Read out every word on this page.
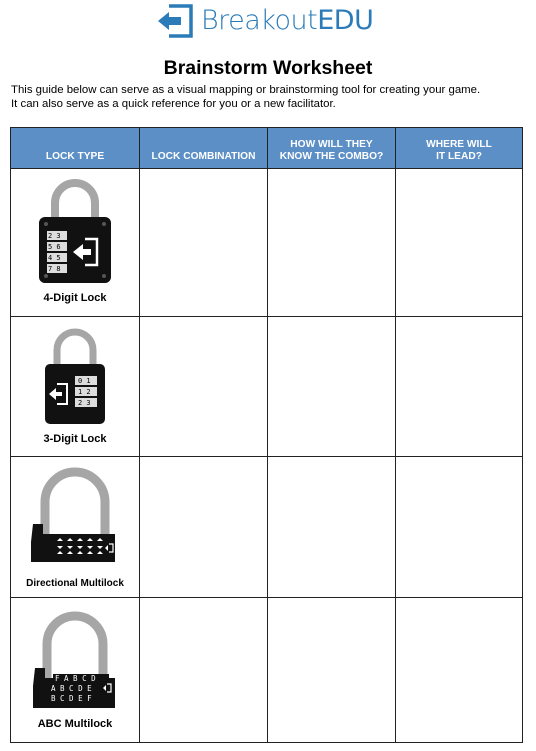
BreakoutEDU
Brainstorm Worksheet
This guide below can serve as a visual mapping or brainstorming tool for creating your game.
It can also serve as a quick reference for you or a new facilitator.
LOCK TYPE	LOCK COMBINATION
HOW WILL THEY
KNOW THE COMBO?
WHERE WILL
IT LEAD?
2 3
5 6
4 5
7 8
4-Digit Lock
0 1
1 2
2 3
3-Digit Lock
Directional Multilock
F A B C D
A B C D E
B C D E F
ABC Multilock
